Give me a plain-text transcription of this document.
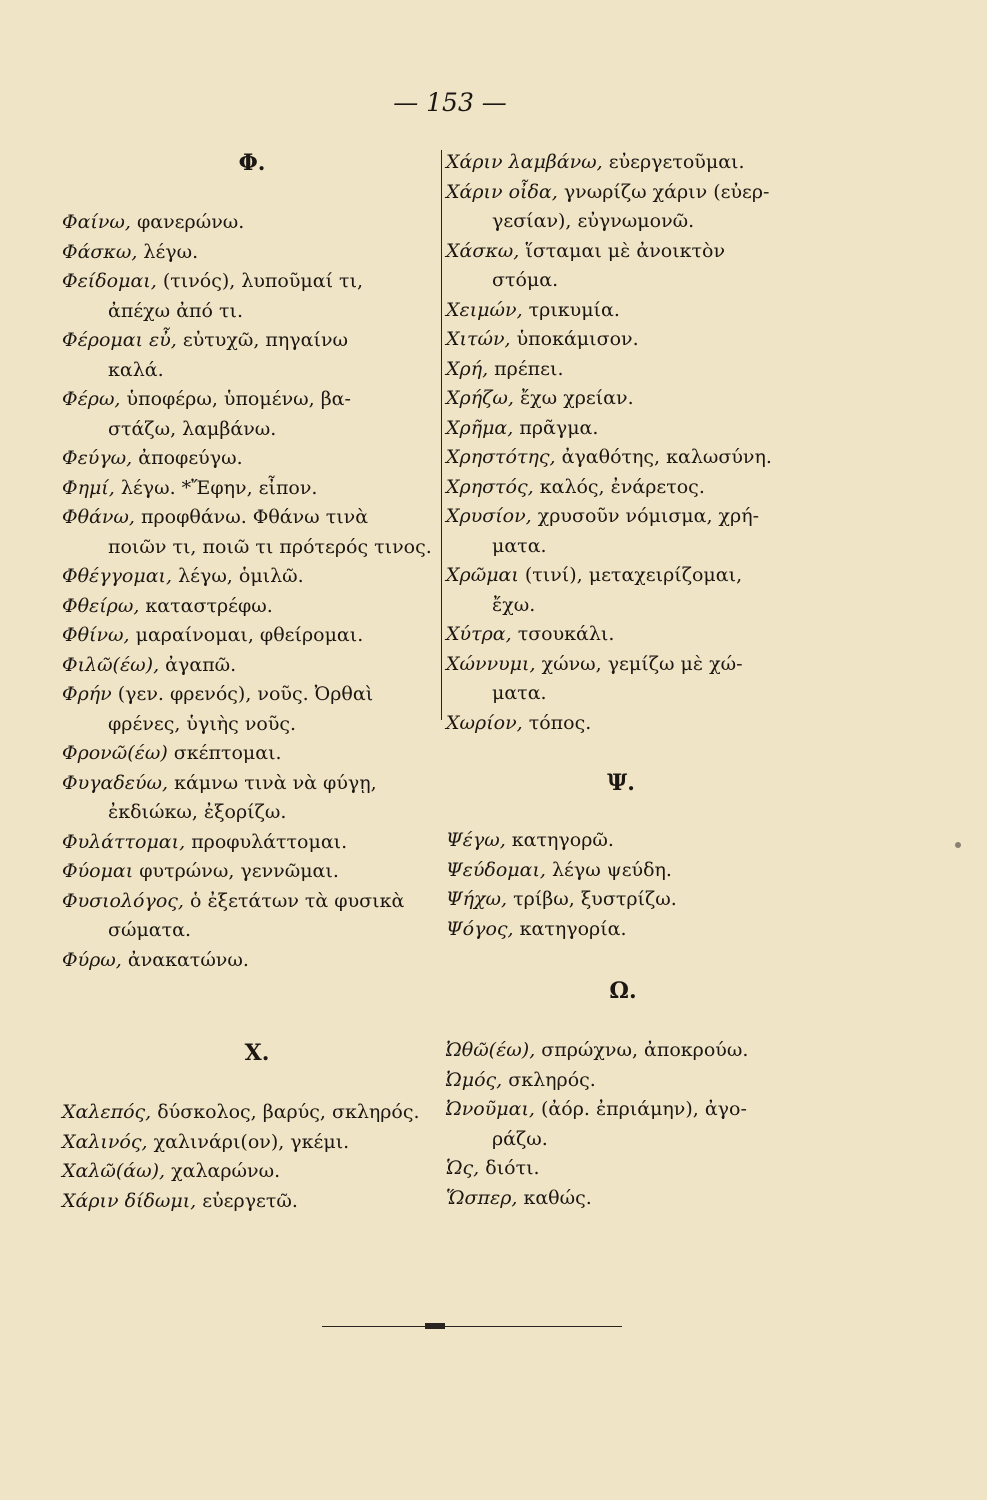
— 153 —
Φ.
Φαίνω, φανερώνω.
Φάσκω, λέγω.
Φείδομαι, (τινός), λυποῦμαί τι,
ἀπέχω ἀπό τι.
Φέρομαι εὖ, εὐτυχῶ, πηγαίνω
καλά.
Φέρω, ὑποφέρω, ὑπομένω, βα-
στάζω, λαμβάνω.
Φεύγω, ἀποφεύγω.
Φημί, λέγω. *Ἔφην, εἶπον.
Φθάνω, προφθάνω. Φθάνω τινὰ
ποιῶν τι, ποιῶ τι πρότερός τινος.
Φθέγγομαι, λέγω, ὁμιλῶ.
Φθείρω, καταστρέφω.
Φθίνω, μαραίνομαι, φθείρομαι.
Φιλῶ(έω), ἀγαπῶ.
Φρήν (γεν. φρενός), νοῦς. Ὀρθαὶ
φρένες, ὑγιὴς νοῦς.
Φρονῶ(έω) σκέπτομαι.
Φυγαδεύω, κάμνω τινὰ νὰ φύγῃ,
ἐκδιώκω, ἐξορίζω.
Φυλάττομαι, προφυλάττομαι.
Φύομαι φυτρώνω, γεννῶμαι.
Φυσιολόγος, ὁ ἐξετάτων τὰ φυσικὰ
σώματα.
Φύρω, ἀνακατώνω.
Χ.
Χαλεπός, δύσκολος, βαρύς, σκληρός.
Χαλινός, χαλινάρι(ον), γκέμι.
Χαλῶ(άω), χαλαρώνω.
Χάριν δίδωμι, εὐεργετῶ.
Χάριν λαμβάνω, εὐεργετοῦμαι.
Χάριν οἶδα, γνωρίζω χάριν (εὐερ-
γεσίαν), εὐγνωμονῶ.
Χάσκω, ἵσταμαι μὲ ἀνοικτὸν
στόμα.
Χειμών, τρικυμία.
Χιτών, ὑποκάμισον.
Χρή, πρέπει.
Χρήζω, ἔχω χρείαν.
Χρῆμα, πρᾶγμα.
Χρηστότης, ἀγαθότης, καλωσύνη.
Χρηστός, καλός, ἐνάρετος.
Χρυσίον, χρυσοῦν νόμισμα, χρή-
ματα.
Χρῶμαι (τινί), μεταχειρίζομαι,
ἔχω.
Χύτρα, τσουκάλι.
Χώννυμι, χώνω, γεμίζω μὲ χώ-
ματα.
Χωρίον, τόπος.
Ψ.
Ψέγω, κατηγορῶ.
Ψεύδομαι, λέγω ψεύδη.
Ψήχω, τρίβω, ξυστρίζω.
Ψόγος, κατηγορία.
Ω.
Ὠθῶ(έω), σπρώχνω, ἀποκρούω.
Ὠμός, σκληρός.
Ὠνοῦμαι, (ἀόρ. ἐπριάμην), ἀγο-
ράζω.
Ὡς, διότι.
Ὥσπερ, καθώς.
